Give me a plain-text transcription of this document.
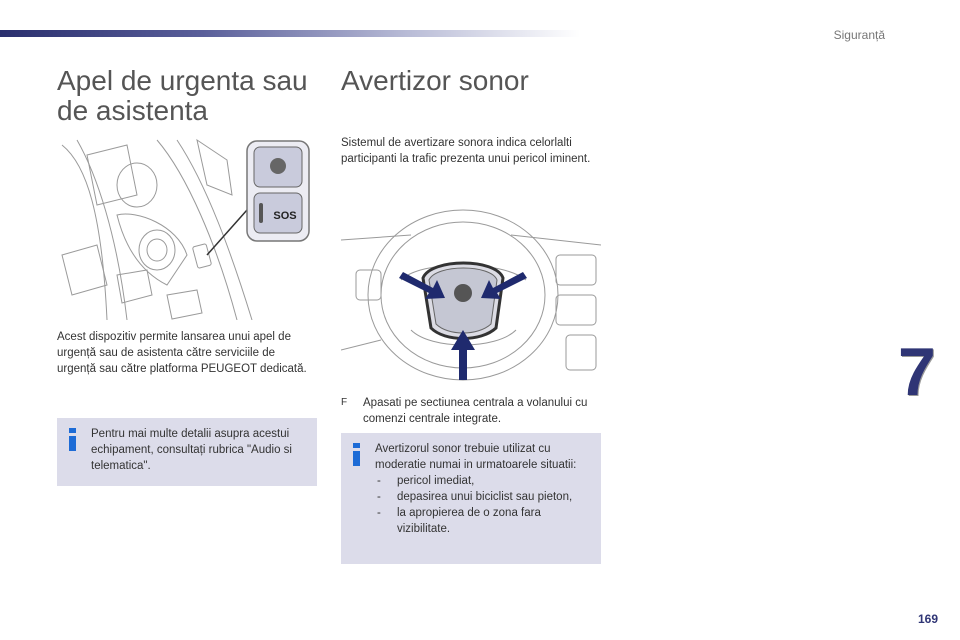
Siguranță
7
Apel de urgenta sau de asistenta
SOS

Acest dispozitiv permite lansarea unui apel de urgență sau de asistenta către serviciile de urgență sau către platforma PEUGEOT dedicată.

Pentru mai multe detalii asupra acestui echipament, consultați rubrica "Audio si telematica".
Avertizor sonor

Sistemul de avertizare sonora indica celorlalti participanti la trafic prezenta unui pericol iminent.

F Apasati pe sectiunea centrala a volanului cu comenzi centrale integrate.
Avertizorul sonor trebuie utilizat cu moderatie numai in urmatoarele situatii:
- pericol imediat,
- depasirea unui biciclist sau pieton,
- la apropierea de o zona fara vizibilitate.
169
